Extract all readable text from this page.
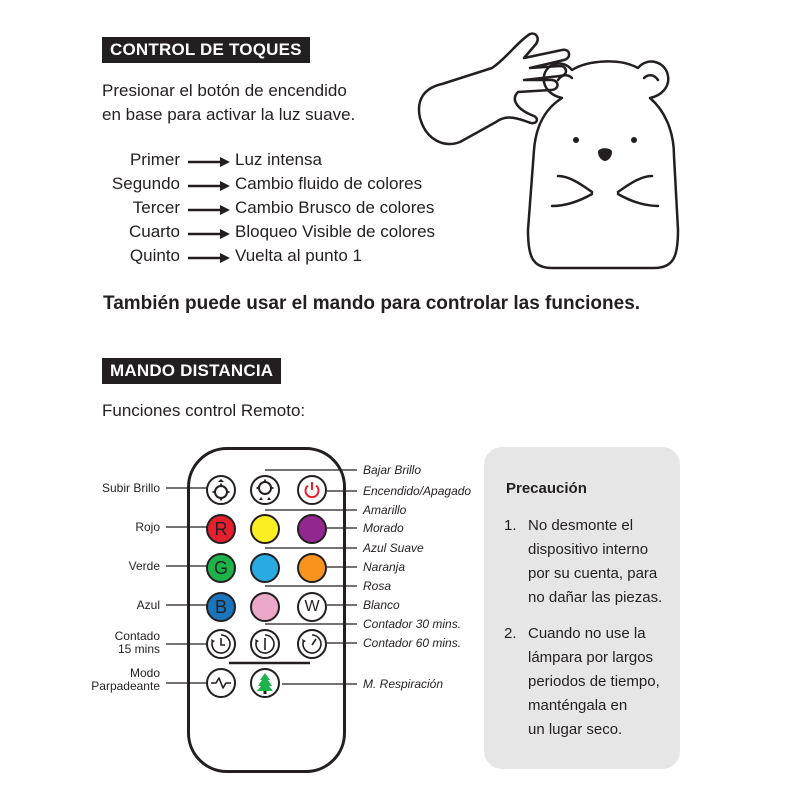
CONTROL DE TOQUES
Presionar el botón de encendido
en base para activar la luz suave.
Primer	Luz intensa
Segundo	Cambio fluido de colores
Tercer	Cambio Brusco de colores
Cuarto	Bloqueo Visible de colores
Quinto	Vuelta al punto 1
También puede usar el mando para controlar las funciones.
MANDO DISTANCIA
Funciones control Remoto:
R
G
B	W
Subir Brillo
Rojo
Verde
Azul
Contado
15 mins
Modo
Parpadeante
Bajar Brillo
Encendido/Apagado
Amarillo
Morado
Azul Suave
Naranja
Rosa
Blanco
Contador 30 mins.
Contador 60 mins.
M. Respiración
Precaución
1. No desmonte el
dispositivo interno
por su cuenta, para
no dañar las piezas.
2. Cuando no use la
lámpara por largos
periodos de tiempo,
manténgala en
un lugar seco.
